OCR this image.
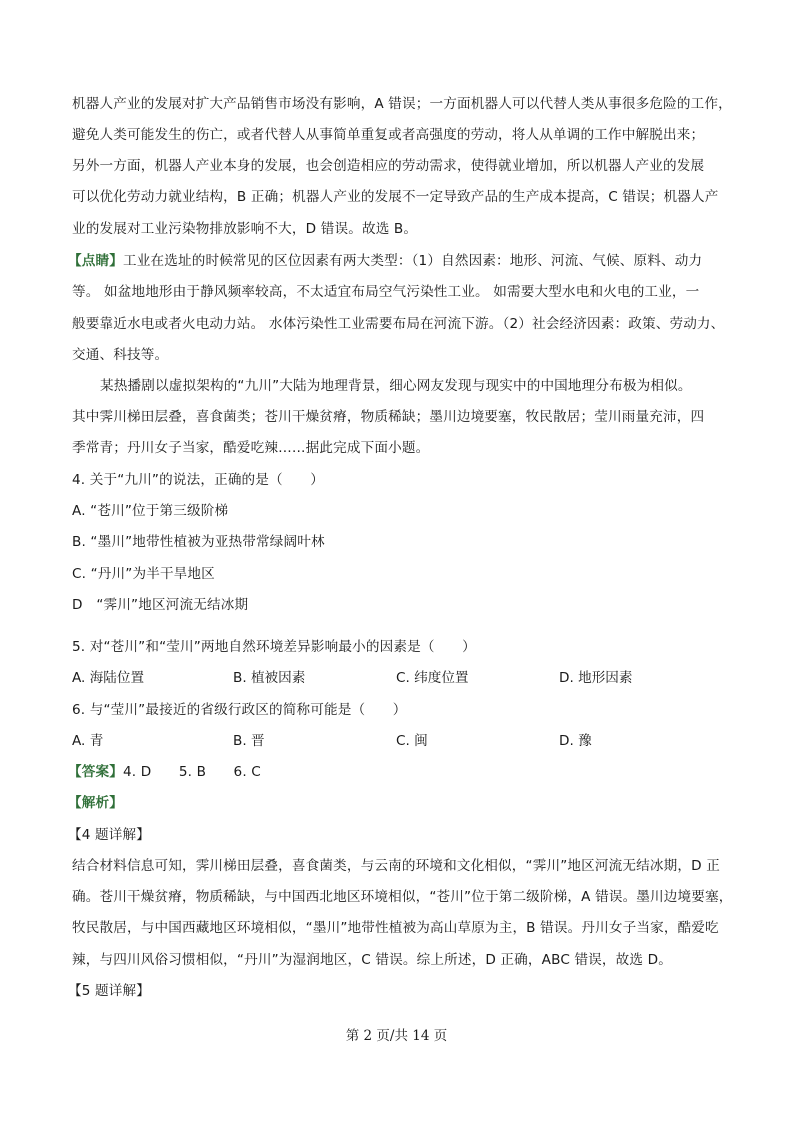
机器人产业的发展对扩大产品销售市场没有影响，A 错误；一方面机器人可以代替人类从事很多危险的工作，
避免人类可能发生的伤亡，或者代替人从事简单重复或者高强度的劳动，将人从单调的工作中解脱出来；
另外一方面，机器人产业本身的发展，也会创造相应的劳动需求，使得就业增加，所以机器人产业的发展
可以优化劳动力就业结构，B 正确；机器人产业的发展不一定导致产品的生产成本提高，C 错误；机器人产
业的发展对工业污染物排放影响不大，D 错误。故选 B。
【点睛】工业在选址的时候常见的区位因素有两大类型：（1）自然因素：地形、河流、气候、原料、动力
等。 如盆地地形由于静风频率较高，不太适宜布局空气污染性工业。 如需要大型水电和火电的工业，一
般要靠近水电或者火电动力站。 水体污染性工业需要布局在河流下游。（2）社会经济因素：政策、劳动力、
交通、科技等。
某热播剧以虚拟架构的“九川”大陆为地理背景，细心网友发现与现实中的中国地理分布极为相似。
其中霁川梯田层叠，喜食菌类；苍川干燥贫瘠，物质稀缺；墨川边境要塞，牧民散居；莹川雨量充沛，四
季常青；丹川女子当家，酷爱吃辣……据此完成下面小题。
4. 关于“九川”的说法，正确的是（　　）
A. “苍川”位于第三级阶梯
B. “墨川”地带性植被为亚热带常绿阔叶林
C. “丹川”为半干旱地区
D　“霁川”地区河流无结冰期
5. 对“苍川”和“莹川”两地自然环境差异影响最小的因素是（　　）
A. 海陆位置	B. 植被因素	C. 纬度位置	D. 地形因素
6. 与“莹川”最接近的省级行政区的简称可能是（　　）
A. 青	B. 晋	C. 闽	D. 豫
【答案】4. D　　5. B　　6. C
【解析】
【4 题详解】
结合材料信息可知，霁川梯田层叠，喜食菌类，与云南的环境和文化相似，“霁川”地区河流无结冰期，D 正
确。苍川干燥贫瘠，物质稀缺，与中国西北地区环境相似，“苍川”位于第二级阶梯，A 错误。墨川边境要塞，
牧民散居，与中国西藏地区环境相似，“墨川”地带性植被为高山草原为主，B 错误。丹川女子当家，酷爱吃
辣，与四川风俗习惯相似，“丹川”为湿润地区，C 错误。综上所述，D 正确，ABC 错误，故选 D。
【5 题详解】
第 2 页/共 14 页
